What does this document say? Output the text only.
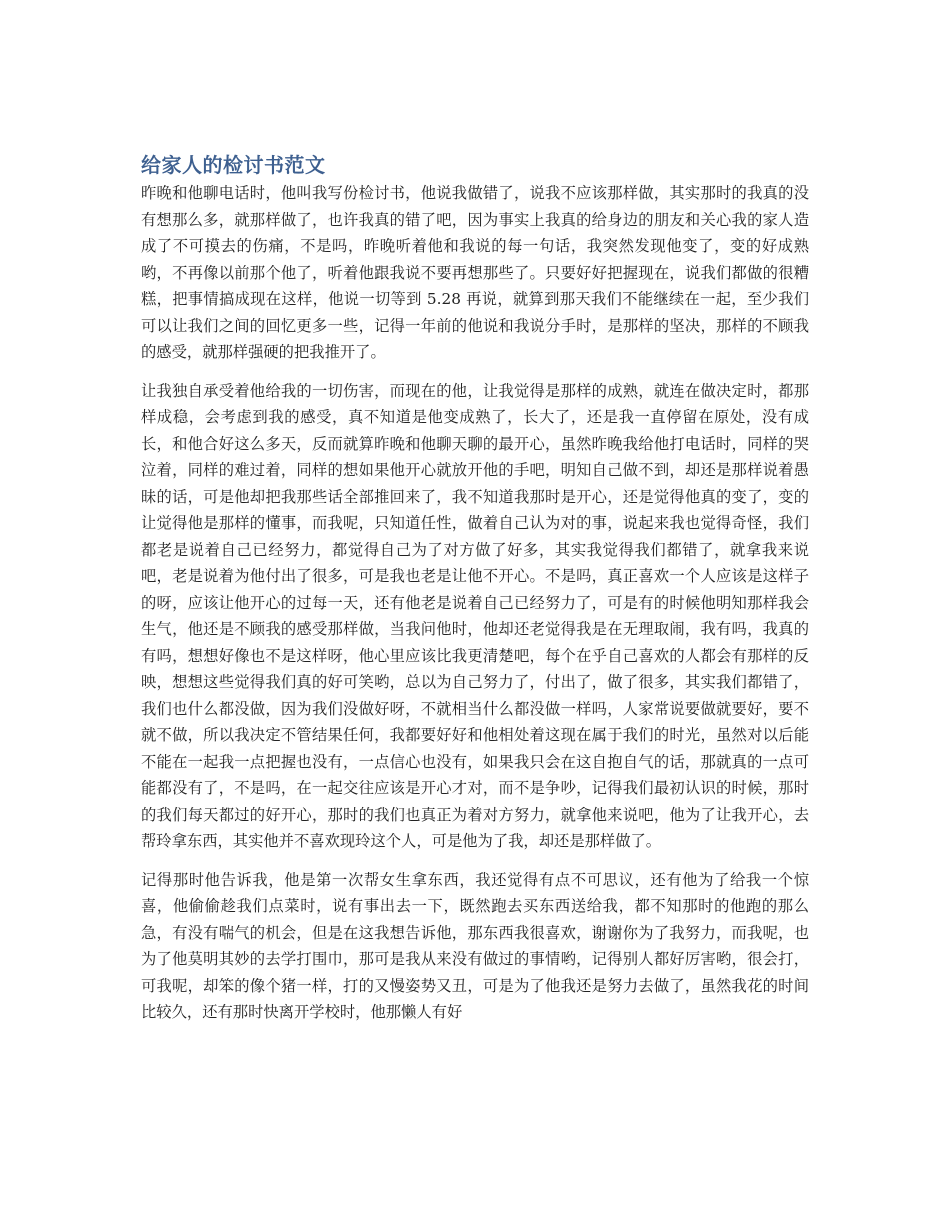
给家人的检讨书范文

昨晚和他聊电话时，他叫我写份检讨书，他说我做错了，说我不应该那样做，其实那时的我真的没有想那么多，就那样做了，也许我真的错了吧，因为事实上我真的给身边的朋友和关心我的家人造成了不可摸去的伤痛，不是吗，昨晚听着他和我说的每一句话，我突然发现他变了，变的好成熟哟，不再像以前那个他了，听着他跟我说不要再想那些了。只要好好把握现在，说我们都做的很糟糕，把事情搞成现在这样，他说一切等到 5.28 再说，就算到那天我们不能继续在一起，至少我们可以让我们之间的回忆更多一些，记得一年前的他说和我说分手时，是那样的坚决，那样的不顾我的感受，就那样强硬的把我推开了。

让我独自承受着他给我的一切伤害，而现在的他，让我觉得是那样的成熟，就连在做决定时，都那样成稳，会考虑到我的感受，真不知道是他变成熟了，长大了，还是我一直停留在原处，没有成长，和他合好这么多天，反而就算昨晚和他聊天聊的最开心，虽然昨晚我给他打电话时，同样的哭泣着，同样的难过着，同样的想如果他开心就放开他的手吧，明知自己做不到，却还是那样说着愚昧的话，可是他却把我那些话全部推回来了，我不知道我那时是开心，还是觉得他真的变了，变的让觉得他是那样的懂事，而我呢，只知道任性，做着自己认为对的事，说起来我也觉得奇怪，我们都老是说着自己已经努力，都觉得自己为了对方做了好多，其实我觉得我们都错了，就拿我来说吧，老是说着为他付出了很多，可是我也老是让他不开心。不是吗，真正喜欢一个人应该是这样子的呀，应该让他开心的过每一天，还有他老是说着自己已经努力了，可是有的时候他明知那样我会生气，他还是不顾我的感受那样做，当我问他时，他却还老觉得我是在无理取闹，我有吗，我真的有吗，想想好像也不是这样呀，他心里应该比我更清楚吧，每个在乎自己喜欢的人都会有那样的反映，想想这些觉得我们真的好可笑哟，总以为自己努力了，付出了，做了很多，其实我们都错了，我们也什么都没做，因为我们没做好呀，不就相当什么都没做一样吗，人家常说要做就要好，要不就不做，所以我决定不管结果任何，我都要好好和他相处着这现在属于我们的时光，虽然对以后能不能在一起我一点把握也没有，一点信心也没有，如果我只会在这自抱自气的话，那就真的一点可能都没有了，不是吗，在一起交往应该是开心才对，而不是争吵，记得我们最初认识的时候，那时的我们每天都过的好开心，那时的我们也真正为着对方努力，就拿他来说吧，他为了让我开心，去帮玲拿东西，其实他并不喜欢现玲这个人，可是他为了我，却还是那样做了。

记得那时他告诉我，他是第一次帮女生拿东西，我还觉得有点不可思议，还有他为了给我一个惊喜，他偷偷趁我们点菜时，说有事出去一下，既然跑去买东西送给我，都不知那时的他跑的那么急，有没有喘气的机会，但是在这我想告诉他，那东西我很喜欢，谢谢你为了我努力，而我呢，也为了他莫明其妙的去学打围巾，那可是我从来没有做过的事情哟，记得别人都好厉害哟，很会打，可我呢，却笨的像个猪一样，打的又慢姿势又丑，可是为了他我还是努力去做了，虽然我花的时间比较久，还有那时快离开学校时，他那懒人有好
